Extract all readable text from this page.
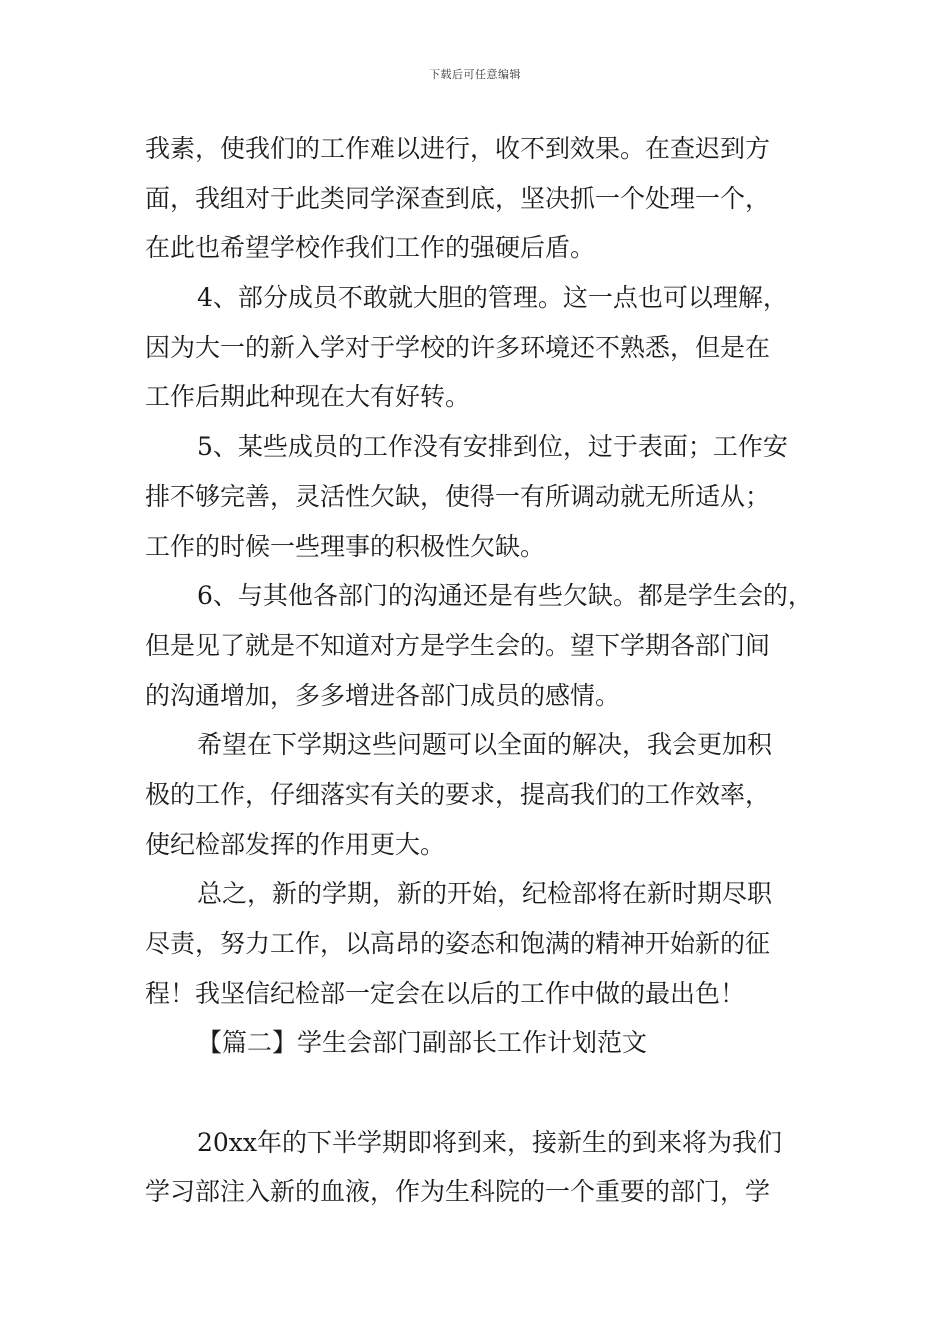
下载后可任意编辑
我素，使我们的工作难以进行，收不到效果。在查迟到方
面，我组对于此类同学深查到底，坚决抓一个处理一个，
在此也希望学校作我们工作的强硬后盾。
4、部分成员不敢就大胆的管理。这一点也可以理解，
因为大一的新入学对于学校的许多环境还不熟悉，但是在
工作后期此种现在大有好转。
5、某些成员的工作没有安排到位，过于表面；工作安
排不够完善，灵活性欠缺，使得一有所调动就无所适从；
工作的时候一些理事的积极性欠缺。
6、与其他各部门的沟通还是有些欠缺。都是学生会的，
但是见了就是不知道对方是学生会的。望下学期各部门间
的沟通增加，多多增进各部门成员的感情。
希望在下学期这些问题可以全面的解决，我会更加积
极的工作，仔细落实有关的要求，提高我们的工作效率，
使纪检部发挥的作用更大。
总之，新的学期，新的开始，纪检部将在新时期尽职
尽责，努力工作，以高昂的姿态和饱满的精神开始新的征
程！我坚信纪检部一定会在以后的工作中做的最出色！
【篇二】学生会部门副部长工作计划范文
20xx年的下半学期即将到来，接新生的到来将为我们
学习部注入新的血液，作为生科院的一个重要的部门，学
